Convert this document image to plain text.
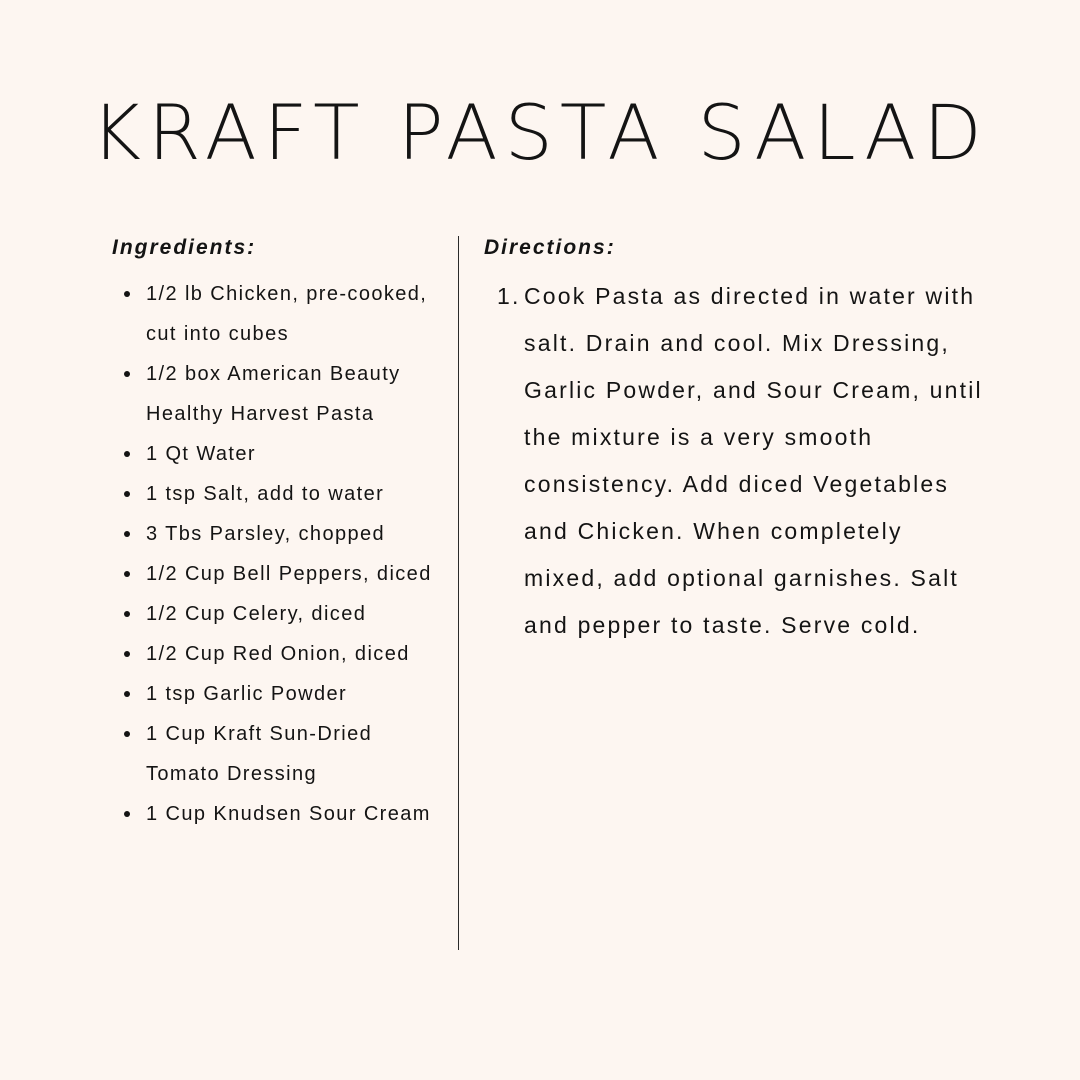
KRAFT PASTA SALAD
Ingredients:
1/2 lb Chicken, pre-cooked, cut into cubes
1/2 box American Beauty Healthy Harvest Pasta
1 Qt Water
1 tsp Salt, add to water
3 Tbs Parsley, chopped
1/2 Cup Bell Peppers, diced
1/2 Cup Celery, diced
1/2 Cup Red Onion, diced
1 tsp Garlic Powder
1 Cup Kraft Sun-Dried Tomato Dressing
1 Cup Knudsen Sour Cream
Directions:
1. Cook Pasta as directed in water with salt. Drain and cool. Mix Dressing, Garlic Powder, and Sour Cream, until the mixture is a very smooth consistency. Add diced Vegetables and Chicken. When completely mixed, add optional garnishes. Salt and pepper to taste. Serve cold.
